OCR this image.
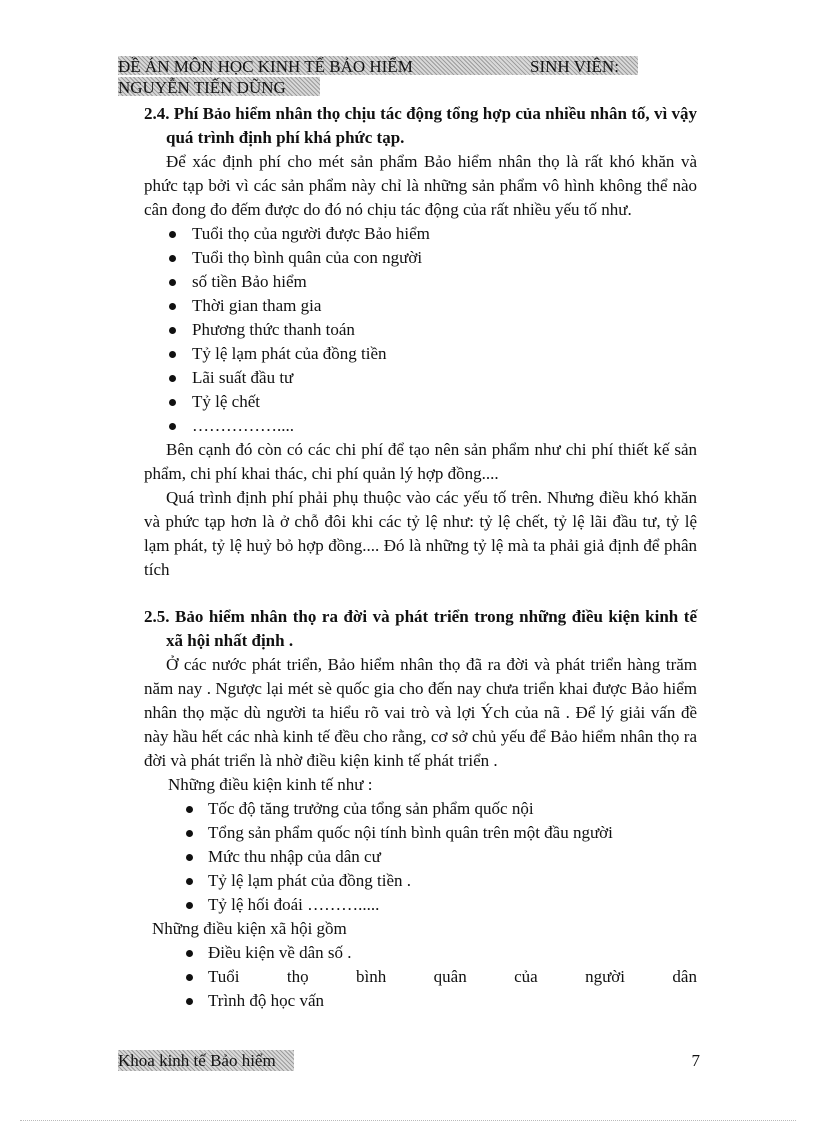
ĐỀ ÁN MÔN HỌC KINH TẾ BẢO HIỂM	SINH VIÊN:
NGUYỄN TIẾN DŨNG

2.4. Phí Bảo hiểm nhân thọ chịu tác động tổng hợp của nhiều nhân tố, vì vậy quá trình định phí khá phức tạp.

Để xác định phí cho mét sản phẩm Bảo hiểm nhân thọ là rất khó khăn và phức tạp bởi vì các sản phẩm này chỉ là những sản phẩm vô hình không thể nào cân đong đo đếm được do đó nó chịu tác động của rất nhiều yếu tố như.

Tuổi thọ của người được Bảo hiểm
Tuổi thọ bình quân của con người
số tiền Bảo hiểm
Thời gian tham gia
Phương thức thanh toán
Tỷ lệ lạm phát của đồng tiền
Lãi suất đầu tư
Tỷ lệ chết
……………....

Bên cạnh đó còn có các chi phí để tạo nên sản phẩm như chi phí thiết kế sản phẩm, chi phí khai thác, chi phí quản lý hợp đồng....

Quá trình định phí phải phụ thuộc vào các yếu tố trên. Nhưng điều khó khăn và phức tạp hơn là ở chỗ đôi khi các tỷ lệ như: tỷ lệ chết, tỷ lệ lãi đầu tư, tỷ lệ lạm phát, tỷ lệ huỷ bỏ hợp đồng.... Đó là những tỷ lệ mà ta phải giả định để phân tích

2.5. Bảo hiểm nhân thọ ra đời và phát triển trong những điều kiện kinh tế xã hội nhất định .

Ở các nước phát triển, Bảo hiểm nhân thọ đã ra đời và phát triển hàng trăm năm nay . Ngược lại mét sè quốc gia cho đến nay chưa triển khai được Bảo hiểm nhân thọ mặc dù người ta hiểu rõ vai trò và lợi Ých của nã . Để lý giải vấn đề này hầu hết các nhà kinh tế đều cho rằng, cơ sở chủ yếu để Bảo hiểm nhân thọ ra đời và phát triển là nhờ điều kiện kinh tế phát triển .

Những điều kiện kinh tế như :

Tốc độ tăng trưởng của tổng sản phẩm quốc nội
Tổng sản phẩm quốc nội tính bình quân trên một đầu người
Mức thu nhập của dân cư
Tỷ lệ lạm phát của đồng tiền .
Tỷ lệ hối đoái ……….....

Những điều kiện xã hội gồm

Điều kiện về dân số .
Tuổi	thọ	bình	quân	của	người	dân
Trình độ học vấn
Khoa kinh tế Bảo hiểm	7
